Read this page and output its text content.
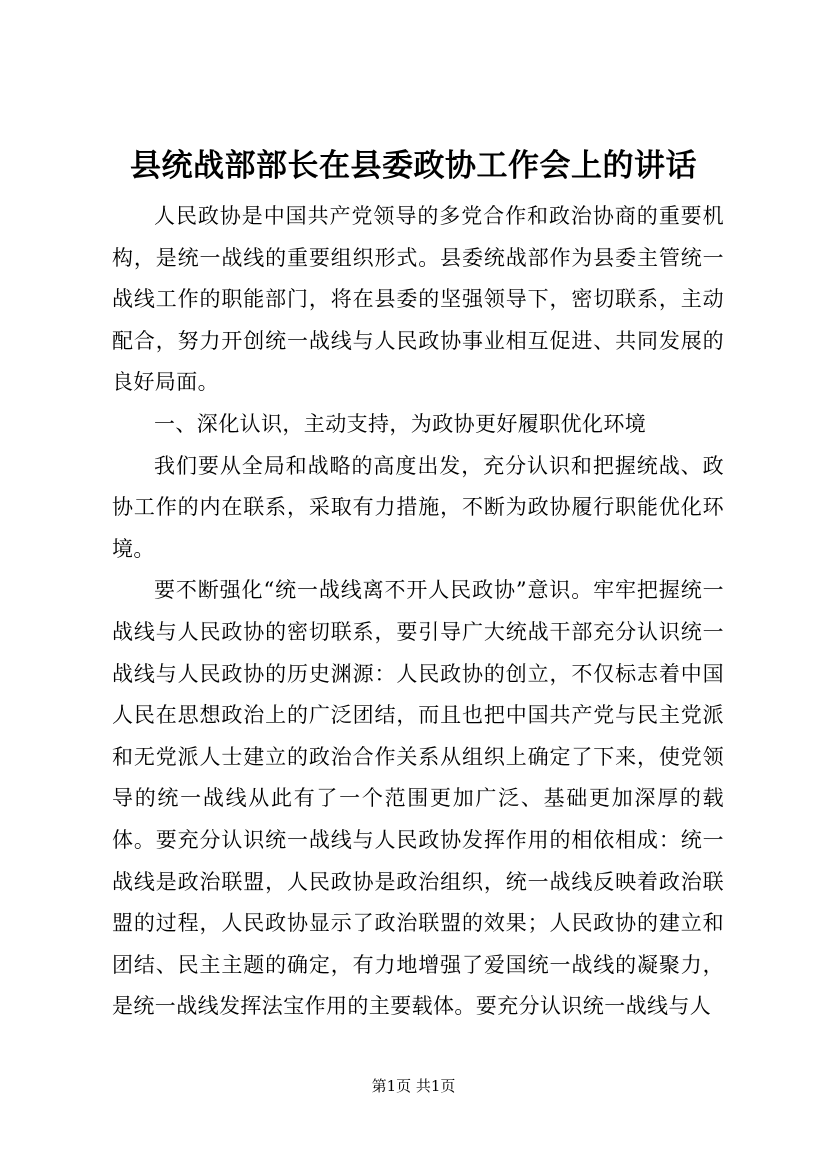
县统战部部长在县委政协工作会上的讲话

人民政协是中国共产党领导的多党合作和政治协商的重要机构，是统一战线的重要组织形式。县委统战部作为县委主管统一战线工作的职能部门，将在县委的坚强领导下，密切联系，主动配合，努力开创统一战线与人民政协事业相互促进、共同发展的良好局面。

一、深化认识，主动支持，为政协更好履职优化环境

我们要从全局和战略的高度出发，充分认识和把握统战、政协工作的内在联系，采取有力措施，不断为政协履行职能优化环境。

要不断强化“统一战线离不开人民政协”意识。牢牢把握统一战线与人民政协的密切联系，要引导广大统战干部充分认识统一战线与人民政协的历史渊源：人民政协的创立，不仅标志着中国人民在思想政治上的广泛团结，而且也把中国共产党与民主党派和无党派人士建立的政治合作关系从组织上确定了下来，使党领导的统一战线从此有了一个范围更加广泛、基础更加深厚的载体。要充分认识统一战线与人民政协发挥作用的相依相成：统一战线是政治联盟，人民政协是政治组织，统一战线反映着政治联盟的过程，人民政协显示了政治联盟的效果；人民政协的建立和团结、民主主题的确定，有力地增强了爱国统一战线的凝聚力，是统一战线发挥法宝作用的主要载体。要充分认识统一战线与人

第1页 共1页
